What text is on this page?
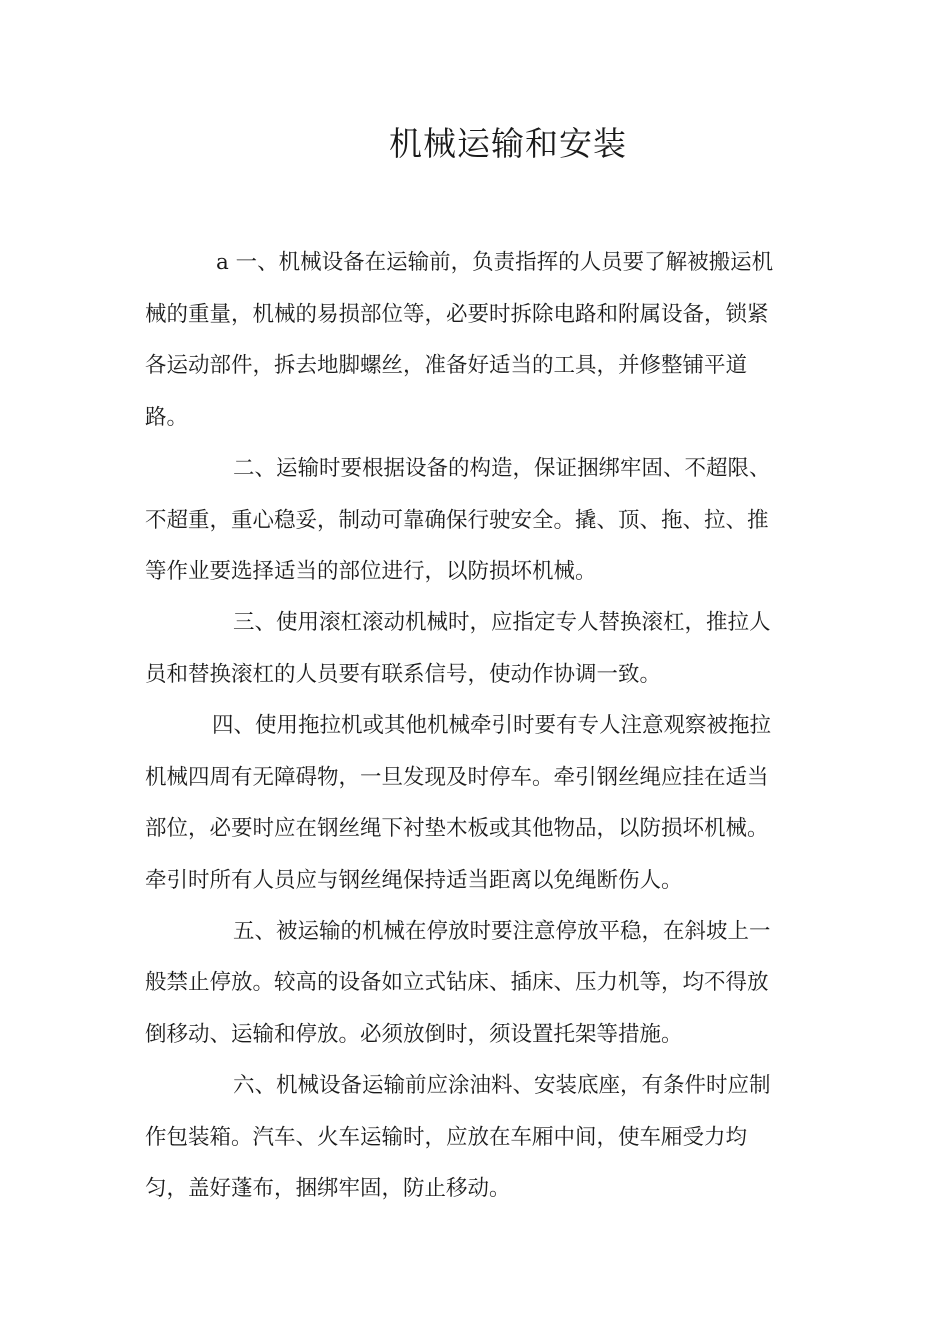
机械运输和安装

a 一、机械设备在运输前，负责指挥的人员要了解被搬运机

械的重量，机械的易损部位等，必要时拆除电路和附属设备，锁紧

各运动部件，拆去地脚螺丝，准备好适当的工具，并修整铺平道

路。

二、运输时要根据设备的构造，保证捆绑牢固、不超限、

不超重，重心稳妥，制动可靠确保行驶安全。撬、顶、拖、拉、推

等作业要选择适当的部位进行，以防损坏机械。

三、使用滚杠滚动机械时，应指定专人替换滚杠，推拉人

员和替换滚杠的人员要有联系信号，使动作协调一致。

四、使用拖拉机或其他机械牵引时要有专人注意观察被拖拉

机械四周有无障碍物，一旦发现及时停车。牵引钢丝绳应挂在适当

部位，必要时应在钢丝绳下衬垫木板或其他物品，以防损坏机械。

牵引时所有人员应与钢丝绳保持适当距离以免绳断伤人。

五、被运输的机械在停放时要注意停放平稳，在斜坡上一

般禁止停放。较高的设备如立式钻床、插床、压力机等，均不得放

倒移动、运输和停放。必须放倒时，须设置托架等措施。

六、机械设备运输前应涂油料、安装底座，有条件时应制

作包装箱。汽车、火车运输时，应放在车厢中间，使车厢受力均

匀，盖好蓬布，捆绑牢固，防止移动。
